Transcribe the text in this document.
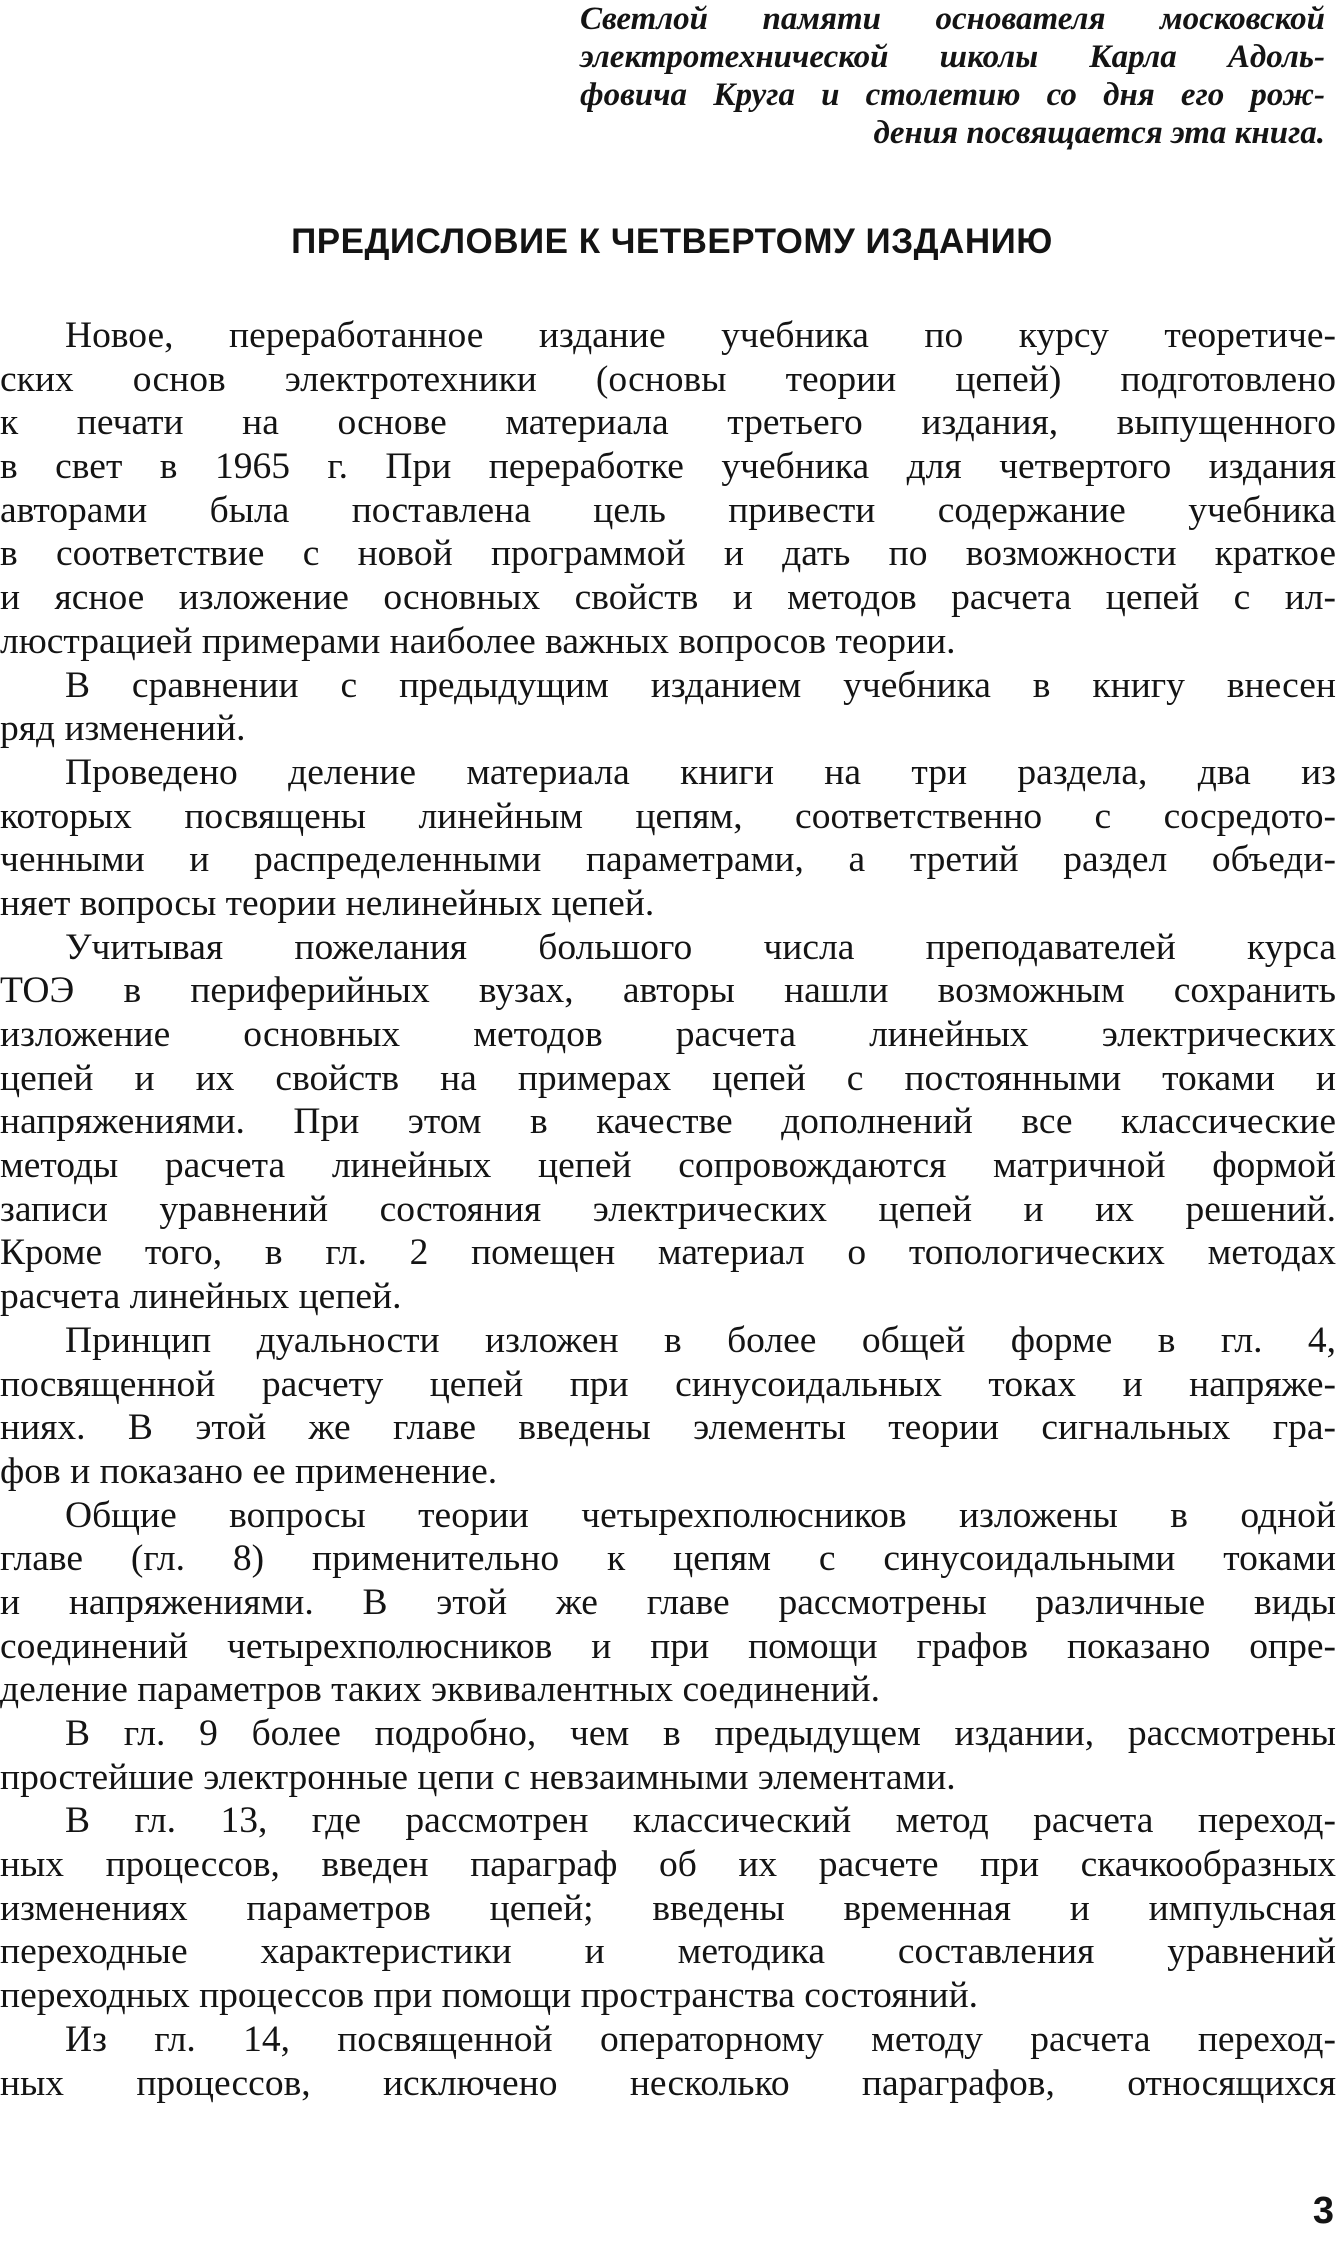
Светлой памяти основателя московской
электротехнической школы Карла Адоль-
фовича Круга и столетию со дня его рож-
дения посвящается эта книга.
ПРЕДИСЛОВИЕ К ЧЕТВЕРТОМУ ИЗДАНИЮ
Новое, переработанное издание учебника по курсу теоретиче-
ских основ электротехники (основы теории цепей) подготовлено
к печати на основе материала третьего издания, выпущенного
в свет в 1965 г. При переработке учебника для четвертого издания
авторами была поставлена цель привести содержание учебника
в соответствие с новой программой и дать по возможности краткое
и ясное изложение основных свойств и методов расчета цепей с ил-
люстрацией примерами наиболее важных вопросов теории.
В сравнении с предыдущим изданием учебника в книгу внесен
ряд изменений.
Проведено деление материала книги на три раздела, два из
которых посвящены линейным цепям, соответственно с сосредото-
ченными и распределенными параметрами, а третий раздел объеди-
няет вопросы теории нелинейных цепей.
Учитывая пожелания большого числа преподавателей курса
ТОЭ в периферийных вузах, авторы нашли возможным сохранить
изложение основных методов расчета линейных электрических
цепей и их свойств на примерах цепей с постоянными токами и
напряжениями. При этом в качестве дополнений все классические
методы расчета линейных цепей сопровождаются матричной формой
записи уравнений состояния электрических цепей и их решений.
Кроме того, в гл. 2 помещен материал о топологических методах
расчета линейных цепей.
Принцип дуальности изложен в более общей форме в гл. 4,
посвященной расчету цепей при синусоидальных токах и напряже-
ниях. В этой же главе введены элементы теории сигнальных гра-
фов и показано ее применение.
Общие вопросы теории четырехполюсников изложены в одной
главе (гл. 8) применительно к цепям с синусоидальными токами
и напряжениями. В этой же главе рассмотрены различные виды
соединений четырехполюсников и при помощи графов показано опре-
деление параметров таких эквивалентных соединений.
В гл. 9 более подробно, чем в предыдущем издании, рассмотрены
простейшие электронные цепи с невзаимными элементами.
В гл. 13, где рассмотрен классический метод расчета переход-
ных процессов, введен параграф об их расчете при скачкообразных
изменениях параметров цепей; введены временная и импульсная
переходные характеристики и методика составления уравнений
переходных процессов при помощи пространства состояний.
Из гл. 14, посвященной операторному методу расчета переход-
ных процессов, исключено несколько параграфов, относящихся
3
